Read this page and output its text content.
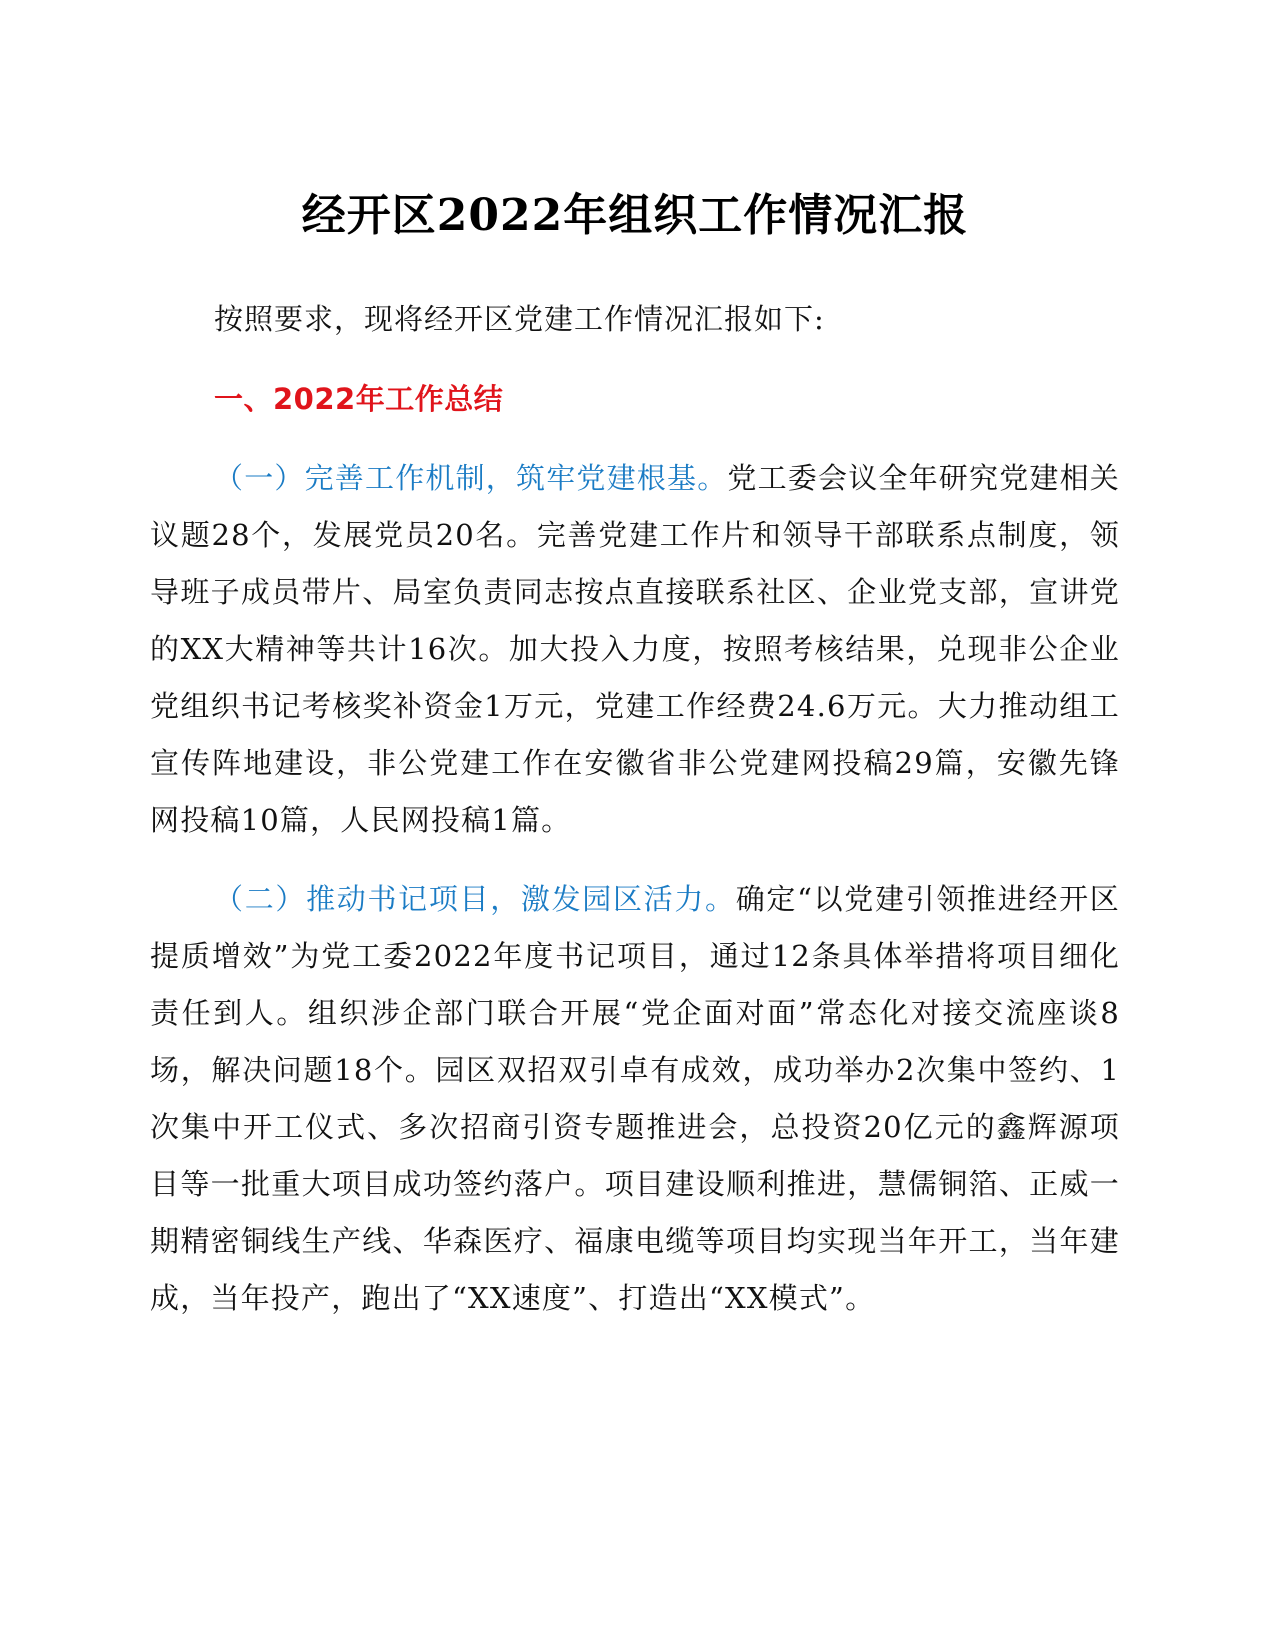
经开区2022年组织工作情况汇报

按照要求，现将经开区党建工作情况汇报如下:

一、2022年工作总结

（一）完善工作机制，筑牢党建根基。党工委会议全年研究党建相关议题28个，发展党员20名。完善党建工作片和领导干部联系点制度，领导班子成员带片、局室负责同志按点直接联系社区、企业党支部，宣讲党的XX大精神等共计16次。加大投入力度，按照考核结果，兑现非公企业党组织书记考核奖补资金1万元，党建工作经费24.6万元。大力推动组工宣传阵地建设，非公党建工作在安徽省非公党建网投稿29篇，安徽先锋网投稿10篇，人民网投稿1篇。

（二）推动书记项目，激发园区活力。确定“以党建引领推进经开区提质增效”为党工委2022年度书记项目，通过12条具体举措将项目细化责任到人。组织涉企部门联合开展“党企面对面”常态化对接交流座谈8场，解决问题18个。园区双招双引卓有成效，成功举办2次集中签约、1次集中开工仪式、多次招商引资专题推进会，总投资20亿元的鑫辉源项目等一批重大项目成功签约落户。项目建设顺利推进，慧儒铜箔、正威一期精密铜线生产线、华森医疗、福康电缆等项目均实现当年开工，当年建成，当年投产，跑出了“XX速度”、打造出“XX模式”。
